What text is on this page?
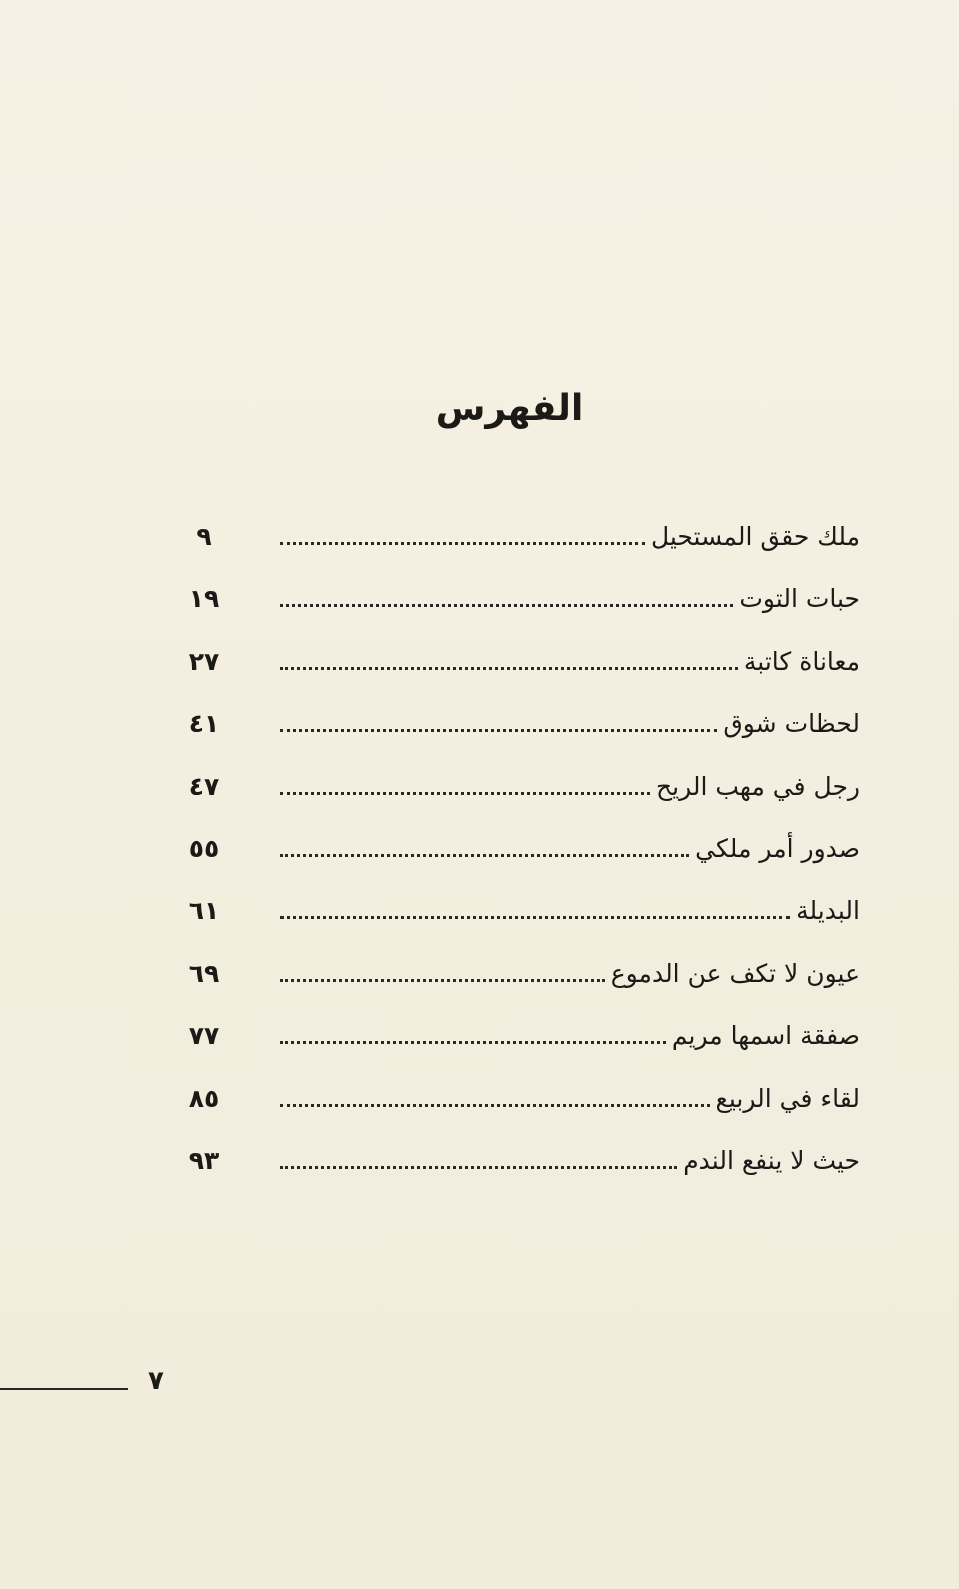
الفهرس
ملك حقق المستحيل
٩
حبات التوت
١٩
معاناة كاتبة
٢٧
لحظات شوق
٤١
رجل في مهب الريح
٤٧
صدور أمر ملكي
٥٥
البديلة
٦١
عيون لا تكف عن الدموع
٦٩
صفقة اسمها مريم
٧٧
لقاء في الربيع
٨٥
حيث لا ينفع الندم
٩٣
٧
